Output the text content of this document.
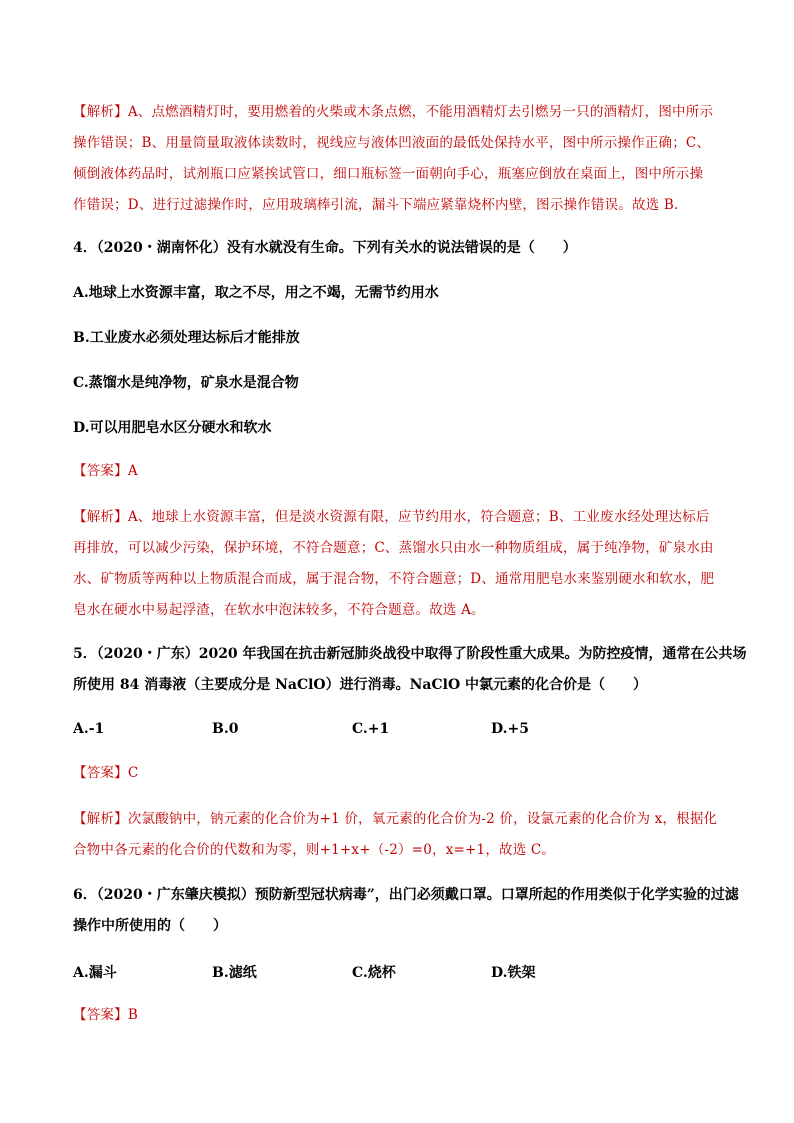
【解析】A、点燃酒精灯时，要用燃着的火柴或木条点燃，不能用酒精灯去引燃另一只的酒精灯，图中所示
操作错误；B、用量筒量取液体读数时，视线应与液体凹液面的最低处保持水平，图中所示操作正确；C、
倾倒液体药品时，试剂瓶口应紧挨试管口，细口瓶标签一面朝向手心，瓶塞应倒放在桌面上，图中所示操
作错误；D、进行过滤操作时，应用玻璃棒引流，漏斗下端应紧靠烧杯内壁，图示操作错误。故选 B.
4．（2020・湖南怀化）没有水就没有生命。下列有关水的说法错误的是（　　）
A.地球上水资源丰富，取之不尽，用之不竭，无需节约用水
B.工业废水必须处理达标后才能排放
C.蒸馏水是纯净物，矿泉水是混合物
D.可以用肥皂水区分硬水和软水
【答案】A
【解析】A、地球上水资源丰富，但是淡水资源有限，应节约用水，符合题意；B、工业废水经处理达标后
再排放，可以减少污染，保护环境，不符合题意；C、蒸馏水只由水一种物质组成，属于纯净物，矿泉水由
水、矿物质等两种以上物质混合而成，属于混合物，不符合题意；D、通常用肥皂水来鉴别硬水和软水，肥
皂水在硬水中易起浮渣，在软水中泡沫较多，不符合题意。故选 A。
5．（2020・广东）2020 年我国在抗击新冠肺炎战役中取得了阶段性重大成果。为防控疫情，通常在公共场
所使用 84 消毒液（主要成分是 NaClO）进行消毒。NaClO 中氯元素的化合价是（　　）
A.-1	B.0	C.+1	D.+5
【答案】C
【解析】次氯酸钠中，钠元素的化合价为+1 价，氧元素的化合价为-2 价，设氯元素的化合价为 x，根据化
合物中各元素的化合价的代数和为零，则+1+x+（-2）=0，x=+1，故选 C。
6．（2020・广东肇庆模拟）预防新型冠状病毒”，出门必须戴口罩。口罩所起的作用类似于化学实验的过滤
操作中所使用的（　　）
A.漏斗	B.滤纸	C.烧杯	D.铁架
【答案】B
